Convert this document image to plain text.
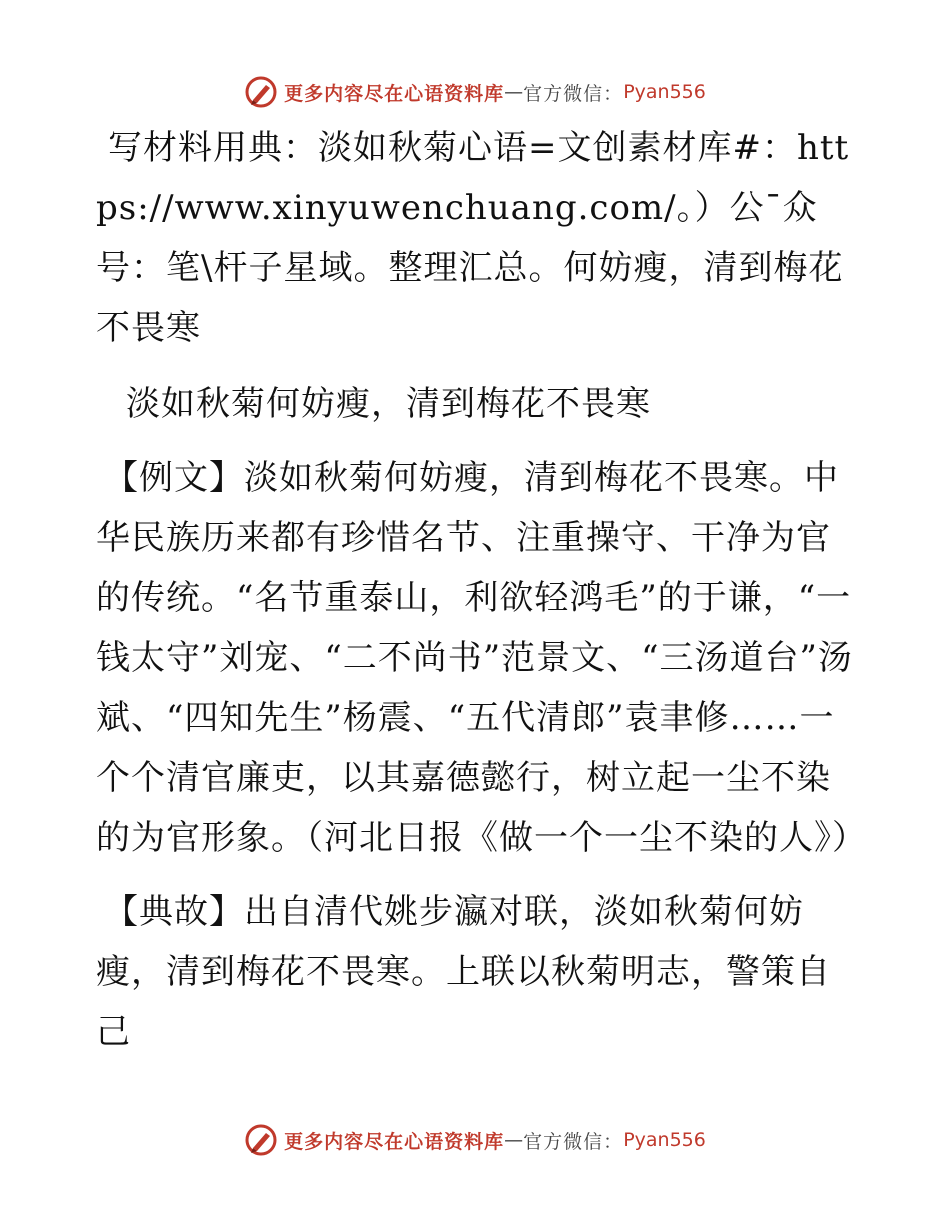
更多内容尽在心语资料库 — 官方微信： Pyan556

写材料用典：淡如秋菊心语=文创素材库#：https://www.xinyuwenchuang.com/。）公¯众号：笔\杆子星域。整理汇总。何妨瘦，清到梅花不畏寒

淡如秋菊何妨瘦，清到梅花不畏寒

【例文】淡如秋菊何妨瘦，清到梅花不畏寒。中华民族历来都有珍惜名节、注重操守、干净为官的传统。“名节重泰山，利欲轻鸿毛”的于谦，“一钱太守”刘宠、“二不尚书”范景文、“三汤道台”汤斌、“四知先生”杨震、“五代清郎”袁聿修……一个个清官廉吏，以其嘉德懿行，树立起一尘不染的为官形象。（河北日报《做一个一尘不染的人》）

【典故】出自清代姚步瀛对联，淡如秋菊何妨瘦，清到梅花不畏寒。上联以秋菊明志，警策自己

更多内容尽在心语资料库 — 官方微信： Pyan556
